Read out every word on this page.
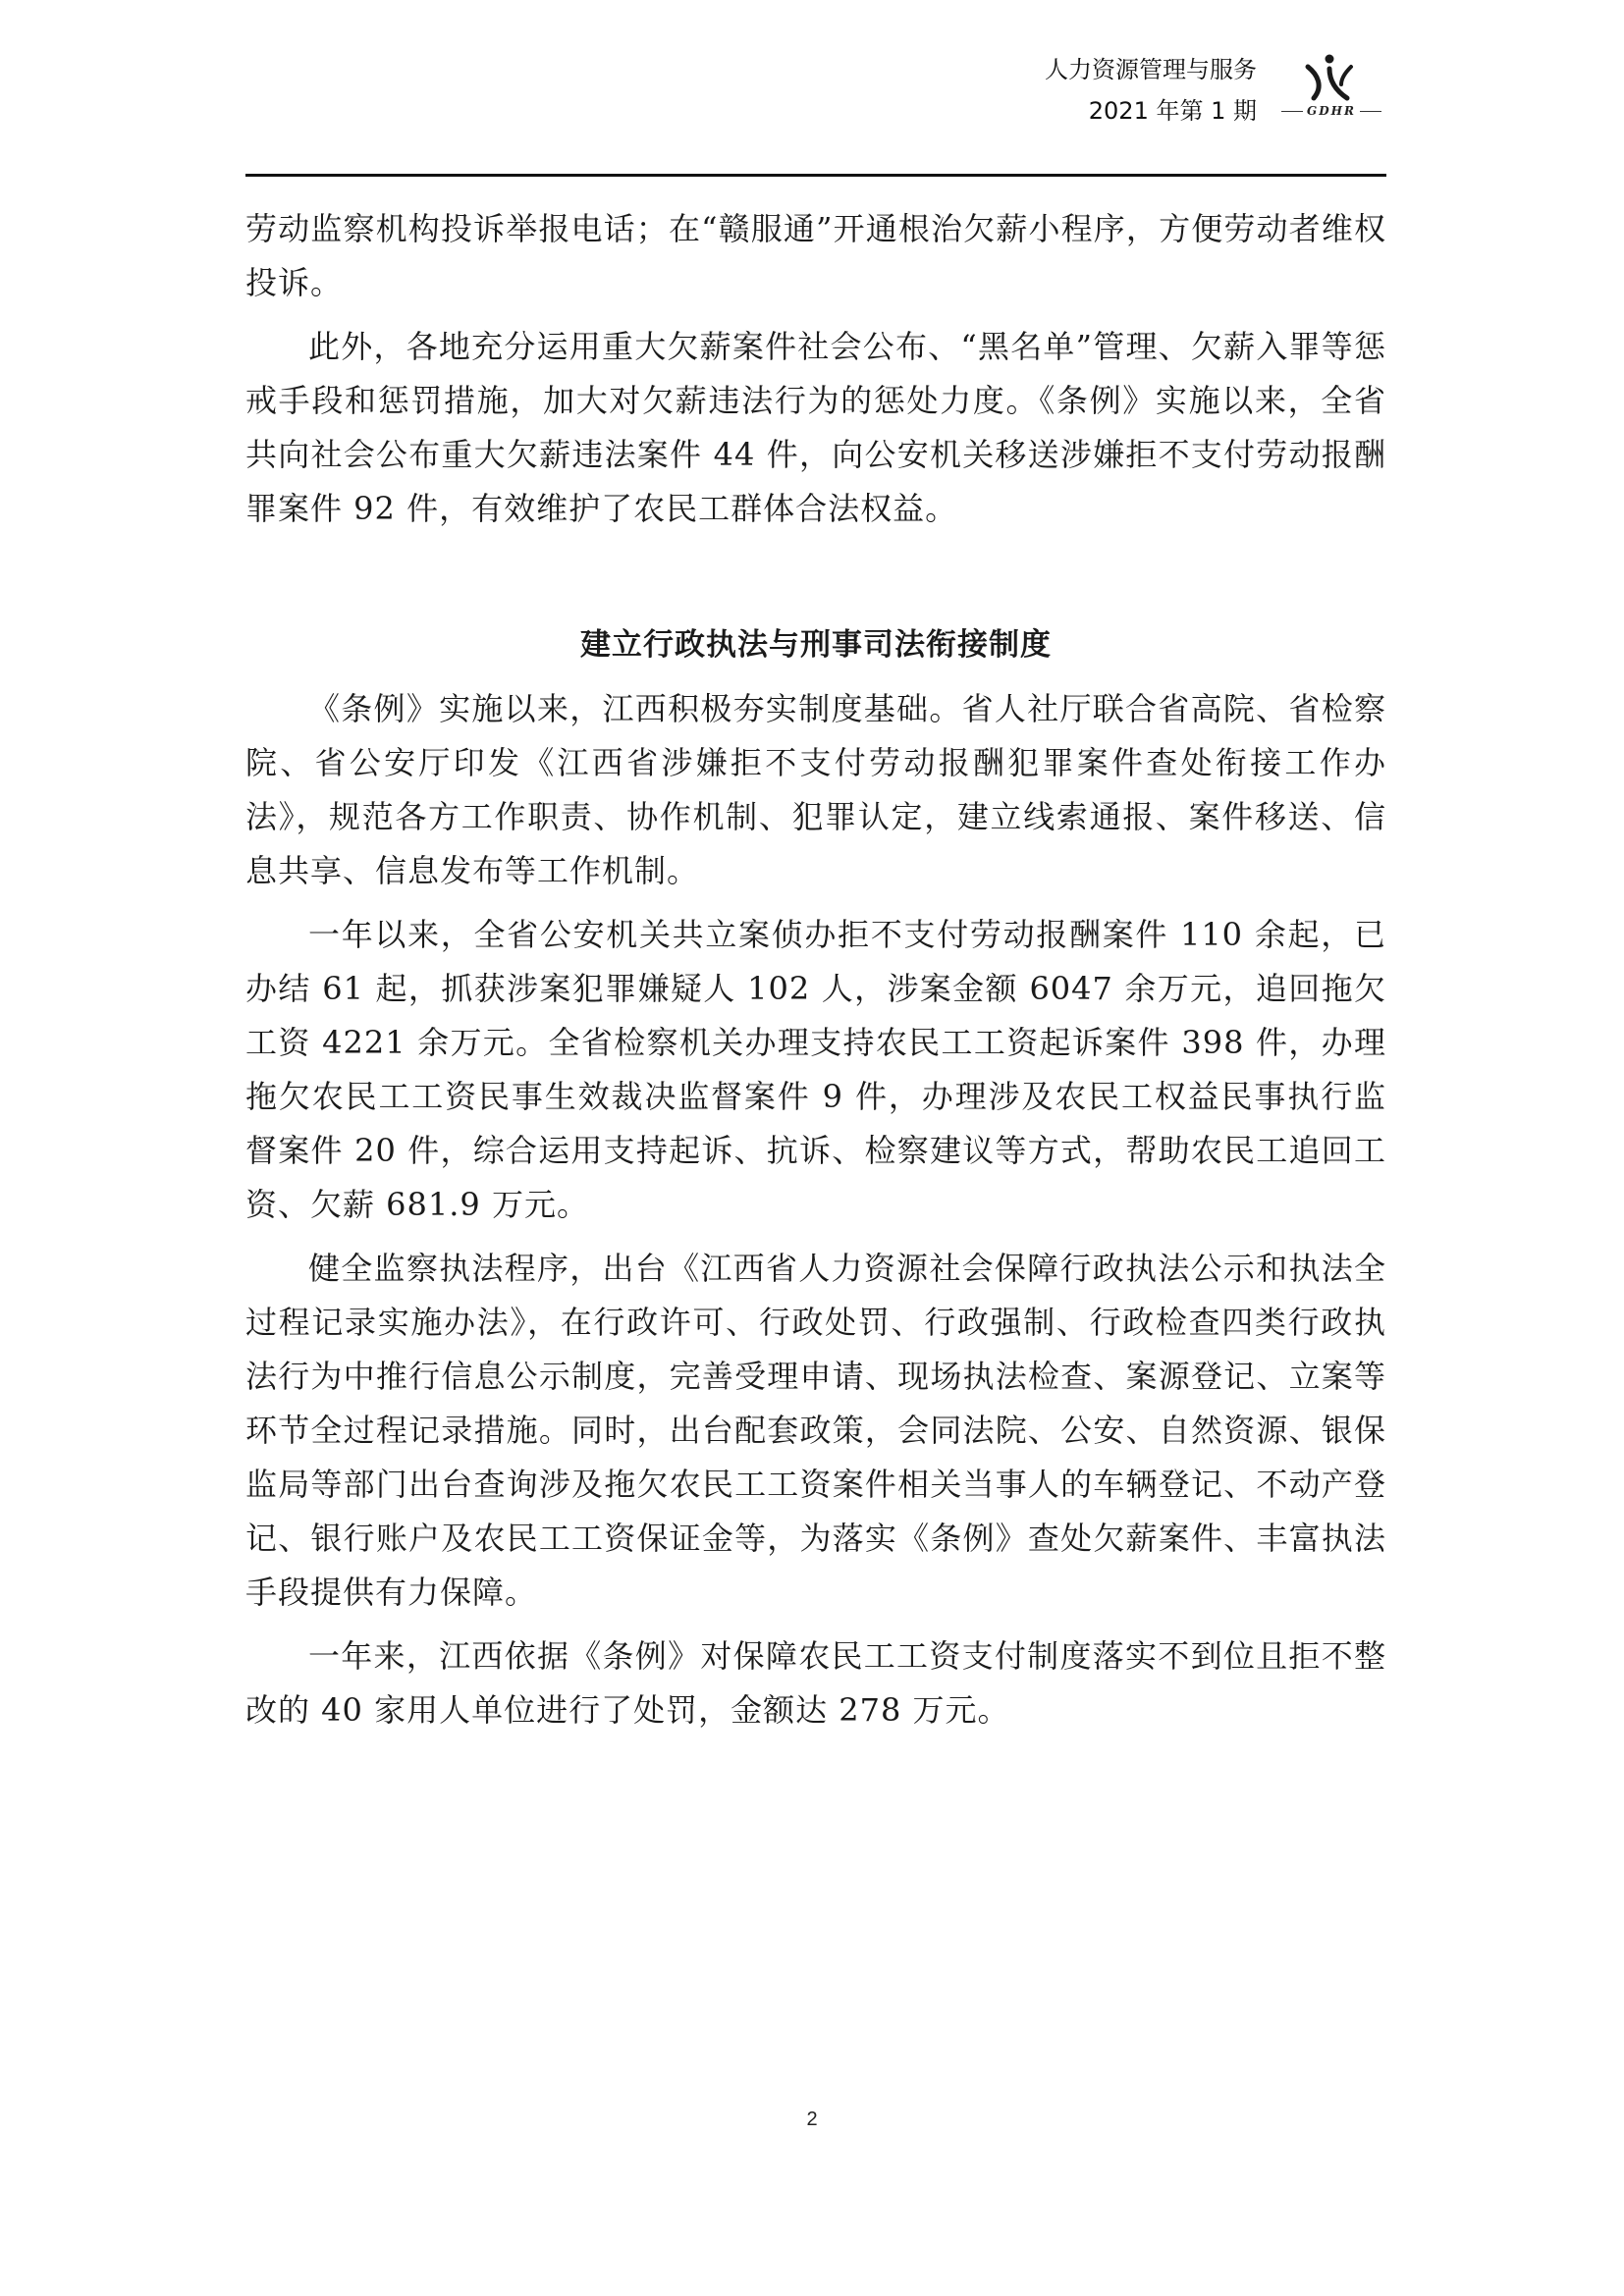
人力资源管理与服务
2021 年第 1 期	GDHR

劳动监察机构投诉举报电话；在“赣服通”开通根治欠薪小程序，方便劳动者维权投诉。

此外，各地充分运用重大欠薪案件社会公布、“黑名单”管理、欠薪入罪等惩戒手段和惩罚措施，加大对欠薪违法行为的惩处力度。《条例》实施以来，全省共向社会公布重大欠薪违法案件 44 件，向公安机关移送涉嫌拒不支付劳动报酬罪案件 92 件，有效维护了农民工群体合法权益。

建立行政执法与刑事司法衔接制度

《条例》实施以来，江西积极夯实制度基础。省人社厅联合省高院、省检察院、省公安厅印发《江西省涉嫌拒不支付劳动报酬犯罪案件查处衔接工作办法》，规范各方工作职责、协作机制、犯罪认定，建立线索通报、案件移送、信息共享、信息发布等工作机制。

一年以来，全省公安机关共立案侦办拒不支付劳动报酬案件 110 余起，已办结 61 起，抓获涉案犯罪嫌疑人 102 人，涉案金额 6047 余万元，追回拖欠工资 4221 余万元。全省检察机关办理支持农民工工资起诉案件 398 件，办理拖欠农民工工资民事生效裁决监督案件 9 件，办理涉及农民工权益民事执行监督案件 20 件，综合运用支持起诉、抗诉、检察建议等方式，帮助农民工追回工资、欠薪 681.9 万元。

健全监察执法程序，出台《江西省人力资源社会保障行政执法公示和执法全过程记录实施办法》，在行政许可、行政处罚、行政强制、行政检查四类行政执法行为中推行信息公示制度，完善受理申请、现场执法检查、案源登记、立案等环节全过程记录措施。同时，出台配套政策，会同法院、公安、自然资源、银保监局等部门出台查询涉及拖欠农民工工资案件相关当事人的车辆登记、不动产登记、银行账户及农民工工资保证金等，为落实《条例》查处欠薪案件、丰富执法手段提供有力保障。

一年来，江西依据《条例》对保障农民工工资支付制度落实不到位且拒不整改的 40 家用人单位进行了处罚，金额达 278 万元。

2
